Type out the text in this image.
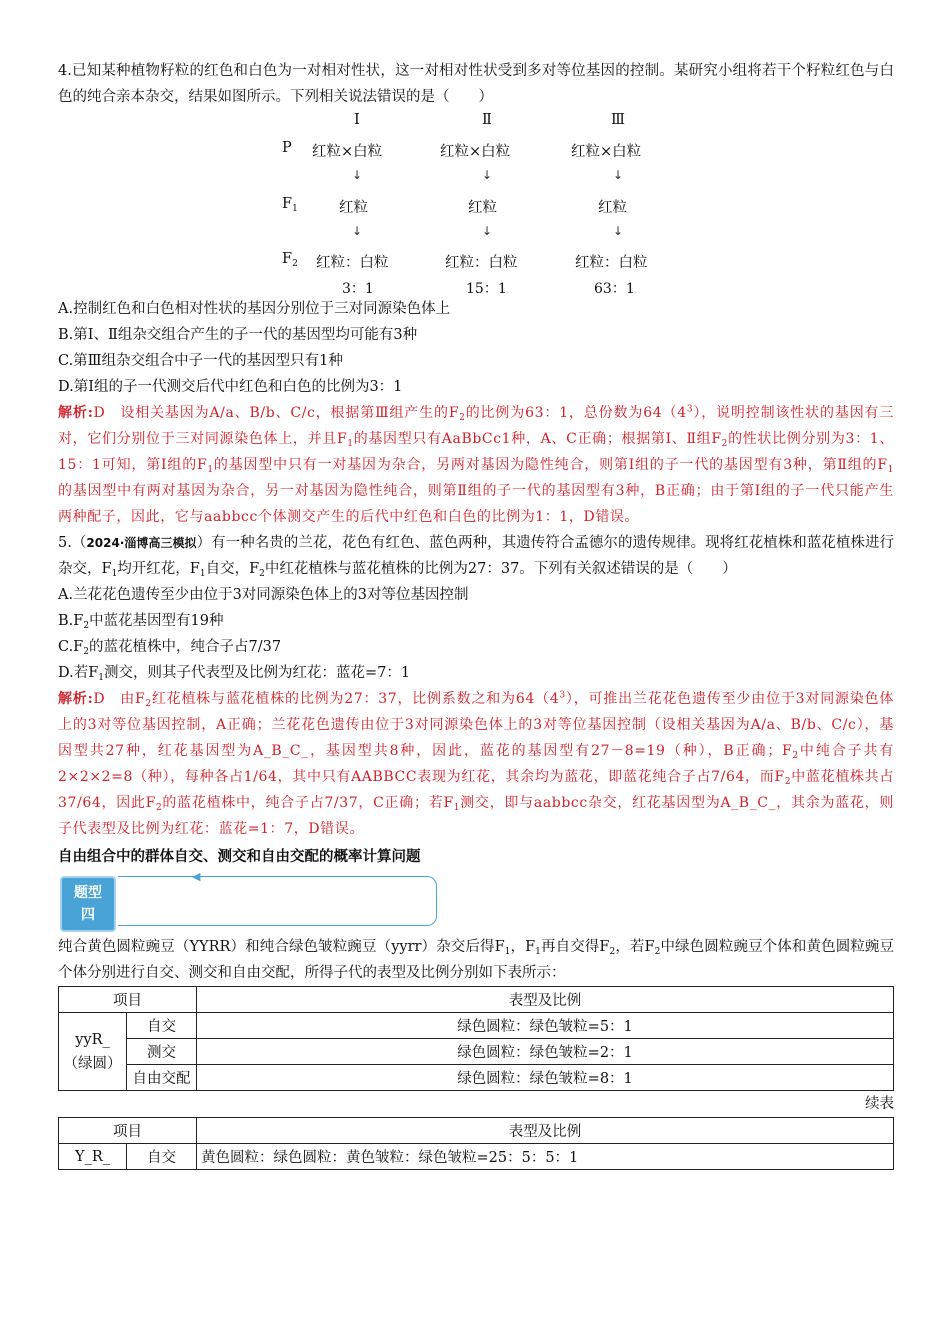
4.已知某种植物籽粒的红色和白色为一对相对性状，这一对相对性状受到多对等位基因的控制。某研究小组将若干个籽粒红色与白色的纯合亲本杂交，结果如图所示。下列相关说法错误的是（　　）

Ⅰ	Ⅱ	Ⅲ
P 红粒×白粒	红粒×白粒	红粒×白粒
↓	↓	↓
$F_1$	红粒	红粒	红粒
↓	↓	↓
$F_2$ 红粒：白粒	红粒：白粒	红粒：白粒
3：1	15：1	63：1

A.控制红色和白色相对性状的基因分别位于三对同源染色体上

B.第Ⅰ、Ⅱ组杂交组合产生的子一代的基因型均可能有3种

C.第Ⅲ组杂交组合中子一代的基因型只有1种

D.第Ⅰ组的子一代测交后代中红色和白色的比例为3：1

解析:D　设相关基因为A/a、B/b、C/c，根据第Ⅲ组产生的$F_2$的比例为63：1，总份数为$64(4^3)$，说明控制该性状的基因有三对，它们分别位于三对同源染色体上，并且$F_1$的基因型只有AaBbCc1种，A、C正确；根据第Ⅰ、Ⅱ组$F_2$的性状比例分别为3：1、15：1可知，第Ⅰ组的$F_1$的基因型中只有一对基因为杂合，另两对基因为隐性纯合，则第Ⅰ组的子一代的基因型有3种，第Ⅱ组的$F_1$的基因型中有两对基因为杂合，另一对基因为隐性纯合，则第Ⅱ组的子一代的基因型有3种，B正确；由于第Ⅰ组的子一代只能产生两种配子，因此，它与aabbcc个体测交产生的后代中红色和白色的比例为1：1，D错误。

5.（2024·淄博高三模拟）有一种名贵的兰花，花色有红色、蓝色两种，其遗传符合孟德尔的遗传规律。现将红花植株和蓝花植株进行杂交，$F_1$均开红花，$F_1$自交，$F_2$中红花植株与蓝花植株的比例为27：37。下列有关叙述错误的是（　　）

A.兰花花色遗传至少由位于3对同源染色体上的3对等位基因控制

$B.F_2$中蓝花基因型有19种

$C.F_2$的蓝花植株中，纯合子占7/37

D.若$F_1$测交，则其子代表型及比例为红花：蓝花=7：1

解析:D　由$F_2$红花植株与蓝花植株的比例为27：37，比例系数之和为$64(4^3)$，可推出兰花花色遗传至少由位于3对同源染色体上的3对等位基因控制，A正确；兰花花色遗传由位于3对同源染色体上的3对等位基因控制（设相关基因为A/a、B/b、C/c），基因型共27种，红花基因型为A_B_C_，基因型共8种，因此，蓝花的基因型有27－8=19（种），B正确；$F_2$中纯合子共有2×2×2=8（种），每种各占1/64，其中只有AABBCC表现为红花，其余均为蓝花，即蓝花纯合子占7/64，而$F_2$中蓝花植株共占37/64，因此$F_2$的蓝花植株中，纯合子占7/37，C正确；若$F_1$测交，即与aabbcc杂交，红花基因型为A_B_C_，其余为蓝花，则子代表型及比例为红花：蓝花=1：7，D错误。

自由组合中的群体自交、测交和自由交配的概率计算问题

题型
四
◀

纯合黄色圆粒豌豆（YYRR）和纯合绿色皱粒豌豆（yyrr）杂交后得$F_1$，$F_1$再自交得$F_2$，若$F_2$中绿色圆粒豌豆个体和黄色圆粒豌豆个体分别进行自交、测交和自由交配，所得子代的表型及比例分别如下表所示：

项目		表型及比例
yyR_
（绿圆）	自交	绿色圆粒：绿色皱粒=5：1
	测交	绿色圆粒：绿色皱粒=2：1
	自由交配	绿色圆粒：绿色皱粒=8：1

续表

项目		表型及比例
Y_R_	自交	黄色圆粒：绿色圆粒：黄色皱粒：绿色皱粒=25：5：5：1
